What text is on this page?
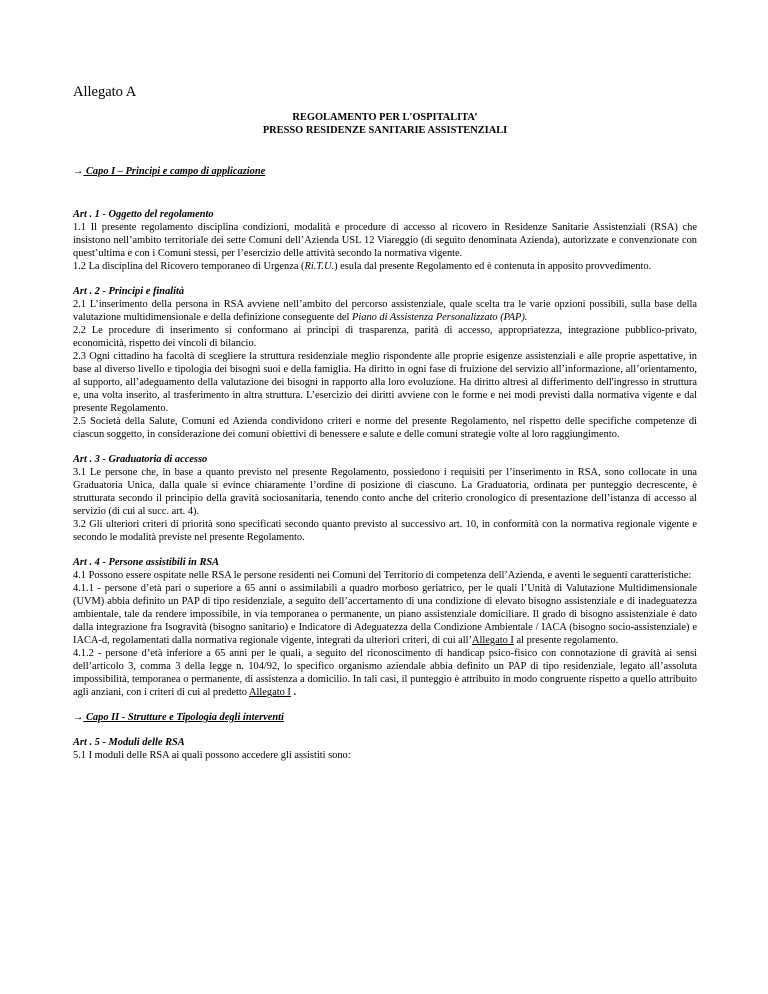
Allegato A

REGOLAMENTO PER L'OSPITALITA’

PRESSO RESIDENZE SANITARIE ASSISTENZIALI

→ Capo I – Principi e campo di applicazione

Art . 1 - Oggetto del regolamento

1.1 Il presente regolamento disciplina condizioni, modalità e procedure di accesso al ricovero in Residenze Sanitarie Assistenziali (RSA) che insistono nell’ambito territoriale dei sette Comuni dell’Azienda USL 12 Viareggio (di seguito denominata Azienda), autorizzate e convenzionate con quest’ultima e con i Comuni stessi, per l’esercizio delle attività secondo la normativa vigente.

1.2 La disciplina del Ricovero temporaneo di Urgenza (Ri.T.U.) esula dal presente Regolamento ed è contenuta in apposito provvedimento.

Art . 2 - Principi e finalità

2.1 L’inserimento della persona in RSA avviene nell’ambito del percorso assistenziale, quale scelta tra le varie opzioni possibili, sulla base della valutazione multidimensionale e della definizione conseguente del Piano di Assistenza Personalizzato (PAP).

2.2 Le procedure di inserimento si conformano ai principi di trasparenza, parità di accesso, appropriatezza, integrazione pubblico-privato, economicità, rispetto dei vincoli di bilancio.

2.3 Ogni cittadino ha facoltà di scegliere la struttura residenziale meglio rispondente alle proprie esigenze assistenziali e alle proprie aspettative, in base al diverso livello e tipologia dei bisogni suoi e della famiglia. Ha diritto in ogni fase di fruizione del servizio all’informazione, all’orientamento, al supporto, all’adeguamento della valutazione dei bisogni in rapporto alla loro evoluzione. Ha diritto altresì al differimento dell'ingresso in struttura e, una volta inserito, al trasferimento in altra struttura. L’esercizio dei diritti avviene con le forme e nei modi previsti dalla normativa vigente e dal presente Regolamento.

2.5 Società della Salute, Comuni ed Azienda condividono criteri e norme del presente Regolamento, nel rispetto delle specifiche competenze di ciascun soggetto, in considerazione dei comuni obiettivi di benessere e salute e delle comuni strategie volte al loro raggiungimento.

Art . 3 - Graduatoria di accesso

3.1 Le persone che, in base a quanto previsto nel presente Regolamento, possiedono i requisiti per l’inserimento in RSA, sono collocate in una Graduatoria Unica, dalla quale si evince chiaramente l’ordine di posizione di ciascuno. La Graduatoria, ordinata per punteggio decrescente, è strutturata secondo il principio della gravità sociosanitaria, tenendo conto anche del criterio cronologico di presentazione dell’istanza di accesso al servizio (di cui al succ. art. 4).

3.2 Gli ulteriori criteri di priorità sono specificati secondo quanto previsto al successivo art. 10, in conformità con la normativa regionale vigente e secondo le modalità previste nel presente Regolamento.

Art . 4 - Persone assistibili in RSA

4.1 Possono essere ospitate nelle RSA le persone residenti nei Comuni del Territorio di competenza dell’Azienda, e aventi le seguenti caratteristiche:

4.1.1 - persone d’età pari o superiore a 65 anni o assimilabili a quadro morboso geriatrico, per le quali l’Unità di Valutazione Multidimensionale (UVM) abbia definito un PAP di tipo residenziale, a seguito dell’accertamento di una condizione di elevato bisogno assistenziale e di inadeguatezza ambientale, tale da rendere impossibile, in via temporanea o permanente, un piano assistenziale domiciliare. Il grado di bisogno assistenziale è dato dalla integrazione fra Isogravità (bisogno sanitario) e Indicatore di Adeguatezza della Condizione Ambientale / IACA (bisogno socio-assistenziale) e IACA-d, regolamentati dalla normativa regionale vigente, integrati da ulteriori criteri, di cui all’Allegato I al presente regolamento.

4.1.2 - persone d’età inferiore a 65 anni per le quali, a seguito del riconoscimento di handicap psico-fisico con connotazione di gravità ai sensi dell’articolo 3, comma 3 della legge n. 104/92, lo specifico organismo aziendale abbia definito un PAP di tipo residenziale, legato all’assoluta impossibilità, temporanea o permanente, di assistenza a domicilio. In tali casi, il punteggio è attribuito in modo congruente rispetto a quello attribuito agli anziani, con i criteri di cui al predetto Allegato I .

→ Capo II - Strutture e Tipologia degli interventi

Art . 5 - Moduli delle RSA

5.1 I moduli delle RSA ai quali possono accedere gli assistiti sono:
